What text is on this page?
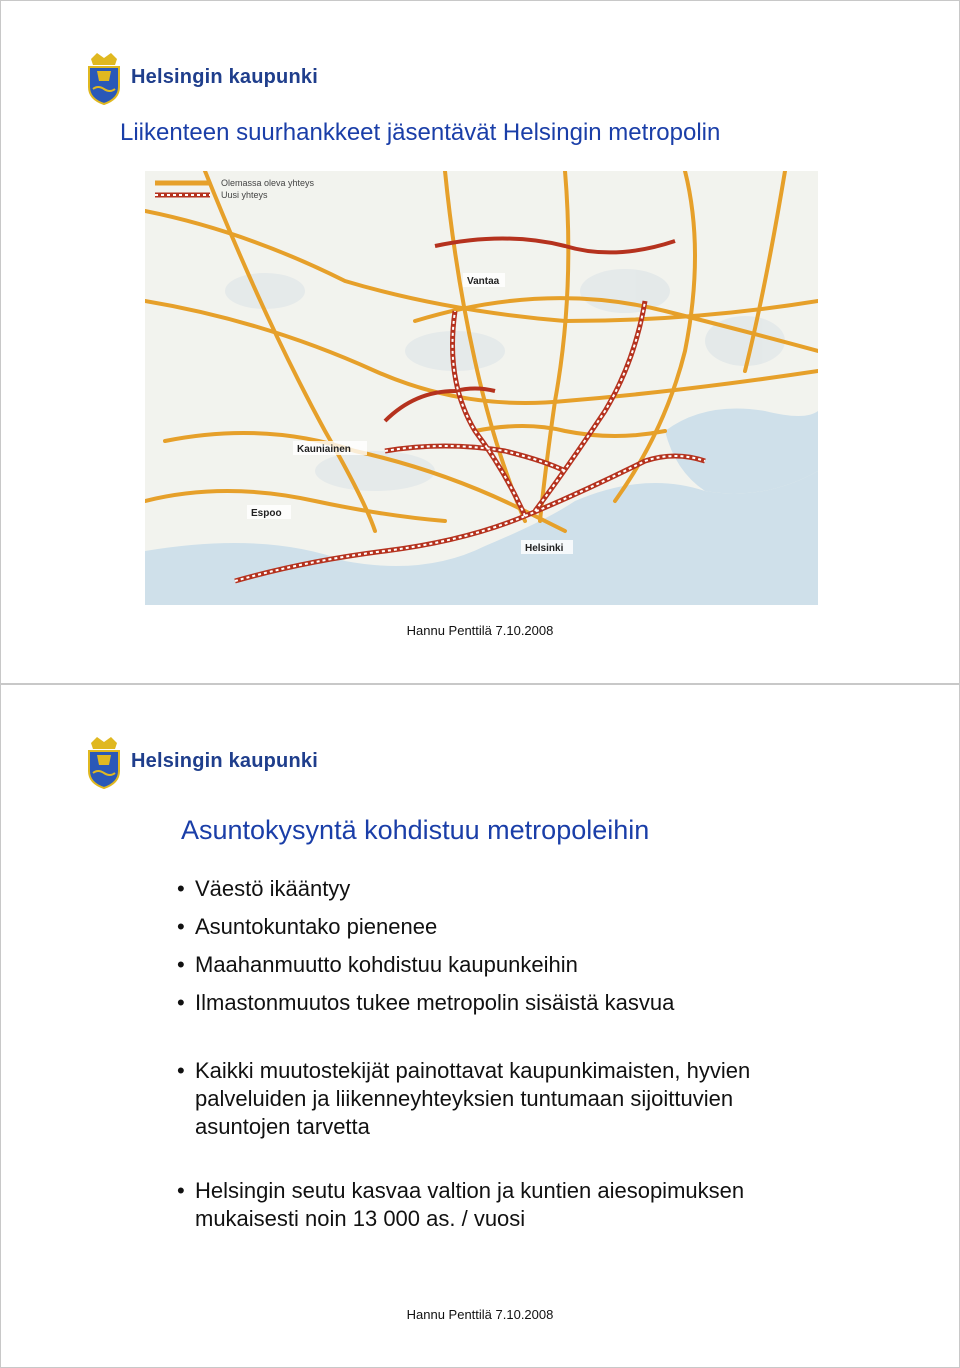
Helsingin kaupunki
Liikenteen suurhankkeet jäsentävät Helsingin metropolin
Olemassa oleva yhteys
Uusi yhteys
Vantaa
Kauniainen
Espoo
Helsinki
Hannu Penttilä 7.10.2008
Helsingin kaupunki
Asuntokysyntä kohdistuu metropoleihin
• Väestö ikääntyy
• Asuntokuntako pienenee
• Maahanmuutto kohdistuu kaupunkeihin
• Ilmastonmuutos tukee metropolin sisäistä kasvua
• Kaikki muutostekijät painottavat kaupunkimaisten, hyvien palveluiden ja liikenneyhteyksien tuntumaan sijoittuvien asuntojen tarvetta
• Helsingin seutu kasvaa valtion ja kuntien aiesopimuksen mukaisesti noin 13 000 as. / vuosi
Hannu Penttilä 7.10.2008
